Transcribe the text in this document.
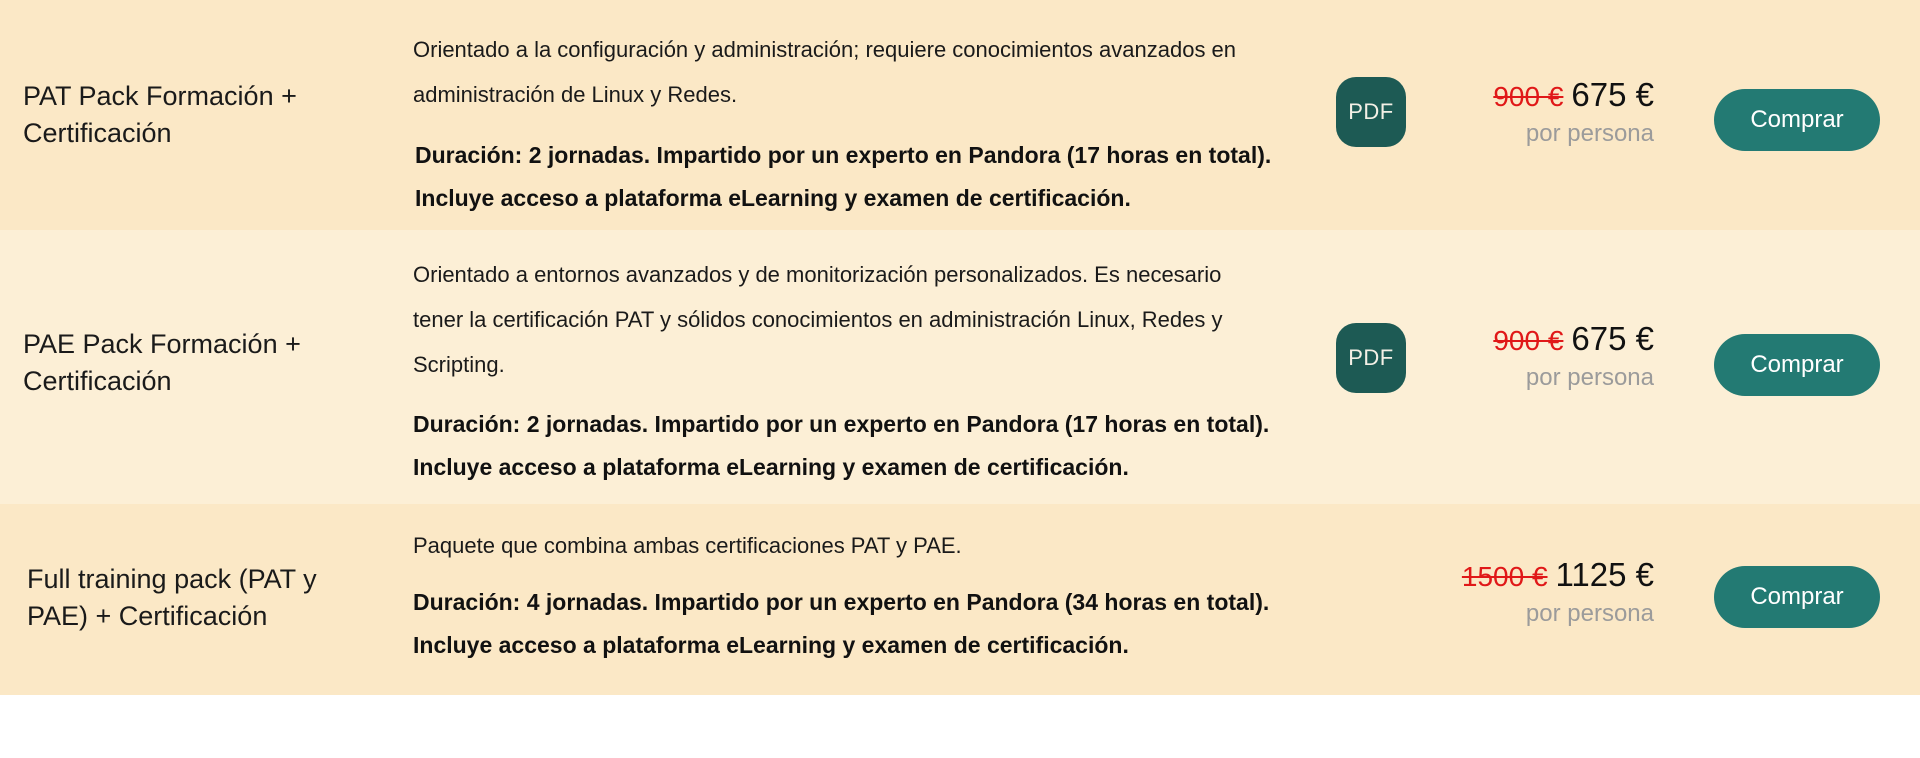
PAT Pack Formación + Certificación
Orientado a la configuración y administración; requiere conocimientos avanzados en administración de Linux y Redes.
Duración: 2 jornadas. Impartido por un experto en Pandora (17 horas en total). Incluye acceso a plataforma eLearning y examen de certificación.
PDF	900 € 675 €
por persona
Comprar
PAE Pack Formación + Certificación
Orientado a entornos avanzados y de monitorización personalizados. Es necesario tener la certificación PAT y sólidos conocimientos en administración Linux, Redes y Scripting.
Duración: 2 jornadas. Impartido por un experto en Pandora (17 horas en total). Incluye acceso a plataforma eLearning y examen de certificación.
PDF
900 € 675 €
por persona	Comprar
Full training pack (PAT y PAE) + Certificación
Paquete que combina ambas certificaciones PAT y PAE.
Duración: 4 jornadas. Impartido por un experto en Pandora (34 horas en total). Incluye acceso a plataforma eLearning y examen de certificación.
1500 € 1125 €
por persona
Comprar
